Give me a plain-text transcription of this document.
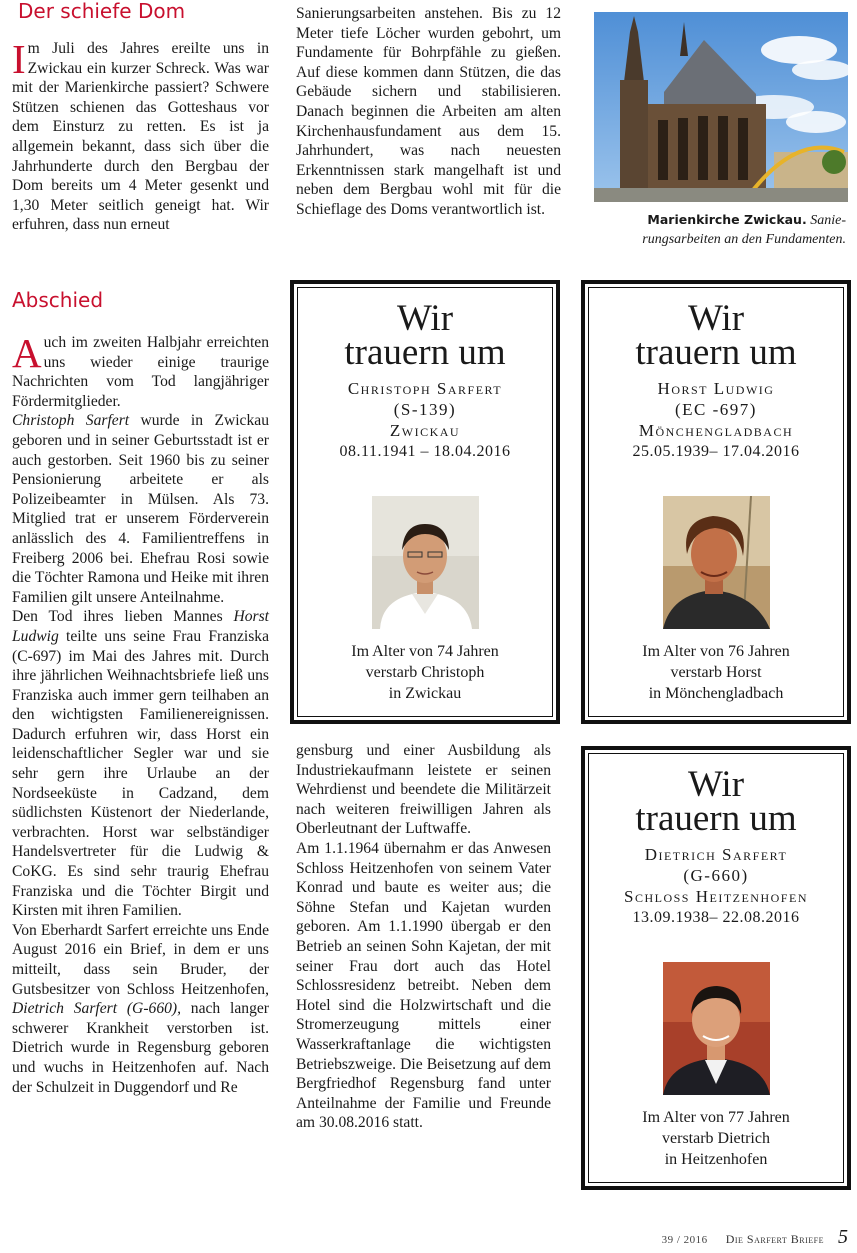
Der schiefe Dom

Im Juli des Jahres ereilte uns in Zwickau ein kurzer Schreck. Was war mit der Marienkirche passiert? Schwere Stützen schienen das Gotteshaus vor dem Einsturz zu retten. Es ist ja allgemein bekannt, dass sich über die Jahrhunderte durch den Bergbau der Dom bereits um 4 Meter gesenkt und 1,30 Meter seitlich geneigt hat. Wir erfuhren, dass nun erneut

Sanierungsarbeiten anstehen. Bis zu 12 Meter tiefe Löcher wurden gebohrt, um Fundamente für Bohrpfähle zu gießen. Auf diese kommen dann Stützen, die das Gebäude sichern und stabilisieren. Danach beginnen die Arbeiten am alten Kirchenhausfundament aus dem 15. Jahrhundert, was nach neuesten Erkenntnissen stark mangelhaft ist und neben dem Bergbau wohl mit für die Schieflage des Doms verantwortlich ist.

Marienkirche Zwickau. Sanierungsarbeiten an den Fundamenten.
Abschied

Auch im zweiten Halbjahr erreichten uns wieder einige traurige Nachrichten vom Tod langjähriger Fördermitglieder.

Christoph Sarfert wurde in Zwickau geboren und in seiner Geburtsstadt ist er auch gestorben. Seit 1960 bis zu seiner Pensionierung arbeitete er als Polizeibeamter in Mülsen. Als 73. Mitglied trat er unserem Förderverein anlässlich des 4. Familientreffens in Freiberg 2006 bei. Ehefrau Rosi sowie die Töchter Ramona und Heike mit ihren Familien gilt unsere Anteilnahme.

Den Tod ihres lieben Mannes Horst Ludwig teilte uns seine Frau Franziska (C-697) im Mai des Jahres mit. Durch ihre jährlichen Weihnachtsbriefe ließ uns Franziska auch immer gern teilhaben an den wichtigsten Familienereignissen. Dadurch erfuhren wir, dass Horst ein leidenschaftlicher Segler war und sie sehr gern ihre Urlaube an der Nordseeküste in Cadzand, dem südlichsten Küstenort der Niederlande, verbrachten. Horst war selbständiger Handelsvertreter für die Ludwig & CoKG. Es sind sehr traurig Ehefrau Franziska und die Töchter Birgit und Kirsten mit ihren Familien.

Von Eberhardt Sarfert erreichte uns Ende August 2016 ein Brief, in dem er uns mitteilt, dass sein Bruder, der Gutsbesitzer von Schloss Heitzenhofen, Dietrich Sarfert (G-660), nach langer schwerer Krankheit verstorben ist. Dietrich wurde in Regensburg geboren und wuchs in Heitzenhofen auf. Nach der Schulzeit in Duggendorf und Re

gensburg und einer Ausbildung als Industriekaufmann leistete er seinen Wehrdienst und beendete die Militärzeit nach weiteren freiwilligen Jahren als Oberleutnant der Luftwaffe.

Am 1.1.1964 übernahm er das Anwesen Schloss Heitzenhofen von seinem Vater Konrad und baute es weiter aus; die Söhne Stefan und Kajetan wurden geboren. Am 1.1.1990 übergab er den Betrieb an seinen Sohn Kajetan, der mit seiner Frau dort auch das Hotel Schlossresidenz betreibt. Neben dem Hotel sind die Holzwirtschaft und die Stromerzeugung mittels einer Wasserkraftanlage die wichtigsten Betriebszweige. Die Beisetzung auf dem Bergfriedhof Regensburg fand unter Anteilnahme der Familie und Freunde am 30.08.2016 statt.

Wir
trauern um
Christoph Sarfert
(S-139)
Zwickau
08.11.1941 – 18.04.2016
Im Alter von 74 Jahren
verstarb Christoph
in Zwickau
Wir
trauern um
Horst Ludwig
(EC -697)
Mönchengladbach
25.05.1939– 17.04.2016
Im Alter von 76 Jahren
verstarb Horst
in Mönchengladbach
Wir
trauern um
Dietrich Sarfert
(G-660)
Schloss Heitzenhofen
13.09.1938– 22.08.2016
Im Alter von 77 Jahren
verstarb Dietrich
in Heitzenhofen
39 / 2016 Die Sarfert Briefe 5
